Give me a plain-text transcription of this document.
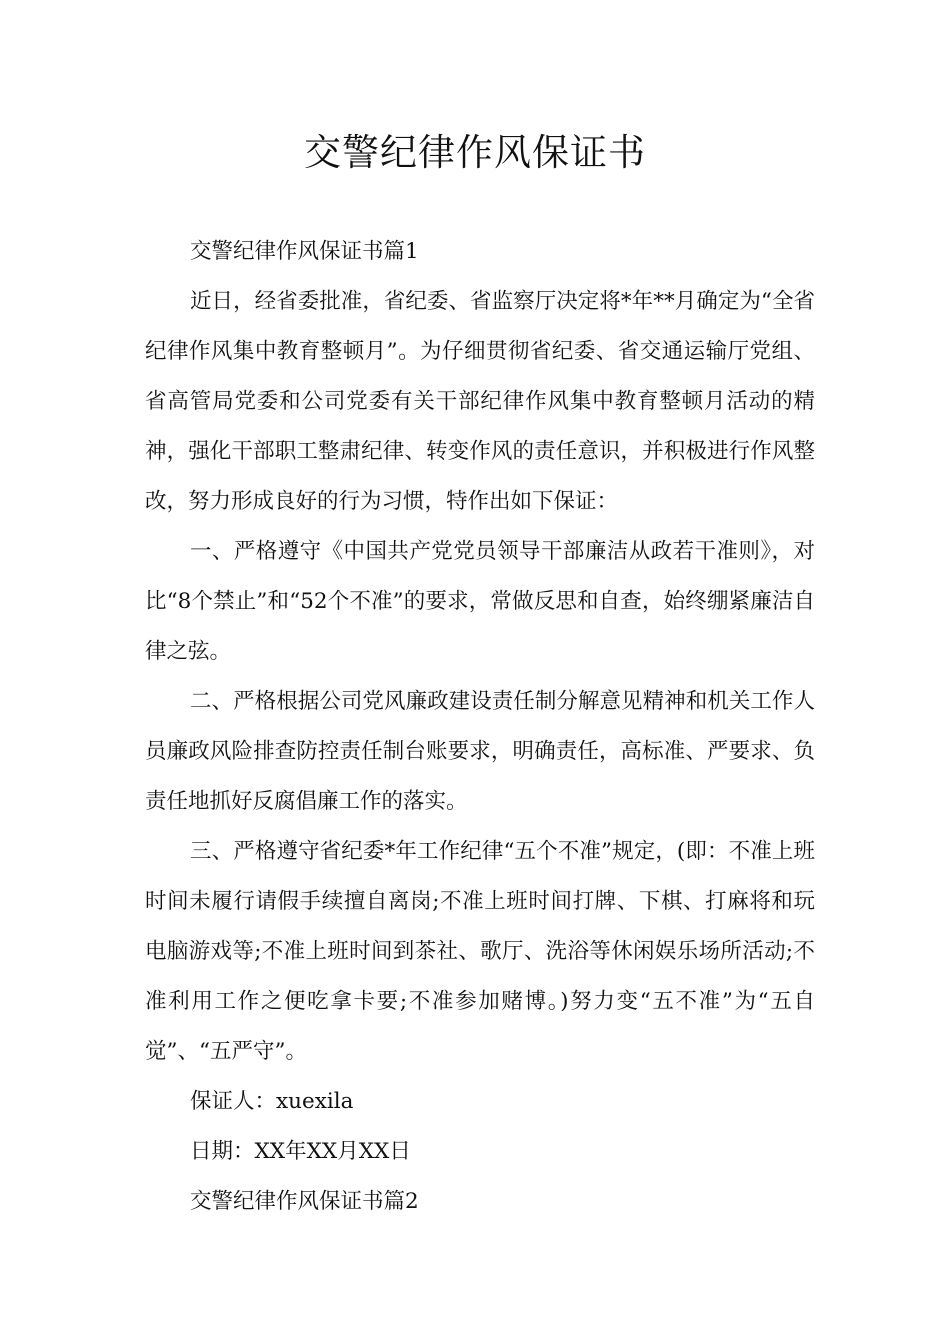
交警纪律作风保证书

交警纪律作风保证书篇1

近日，经省委批准，省纪委、省监察厅决定将*年**月确定为“全省纪律作风集中教育整顿月”。为仔细贯彻省纪委、省交通运输厅党组、省高管局党委和公司党委有关干部纪律作风集中教育整顿月活动的精神，强化干部职工整肃纪律、转变作风的责任意识，并积极进行作风整改，努力形成良好的行为习惯，特作出如下保证：

一、严格遵守《中国共产党党员领导干部廉洁从政若干准则》，对比“8个禁止”和“52个不准”的要求，常做反思和自查，始终绷紧廉洁自律之弦。

二、严格根据公司党风廉政建设责任制分解意见精神和机关工作人员廉政风险排查防控责任制台账要求，明确责任，高标准、严要求、负责任地抓好反腐倡廉工作的落实。

三、严格遵守省纪委*年工作纪律“五个不准”规定，(即：不准上班时间未履行请假手续擅自离岗;不准上班时间打牌、下棋、打麻将和玩电脑游戏等;不准上班时间到茶社、歌厅、洗浴等休闲娱乐场所活动;不准利用工作之便吃拿卡要;不准参加赌博。)努力变“五不准”为“五自觉”、“五严守”。

保证人：xuexila

日期：XX年XX月XX日

交警纪律作风保证书篇2
